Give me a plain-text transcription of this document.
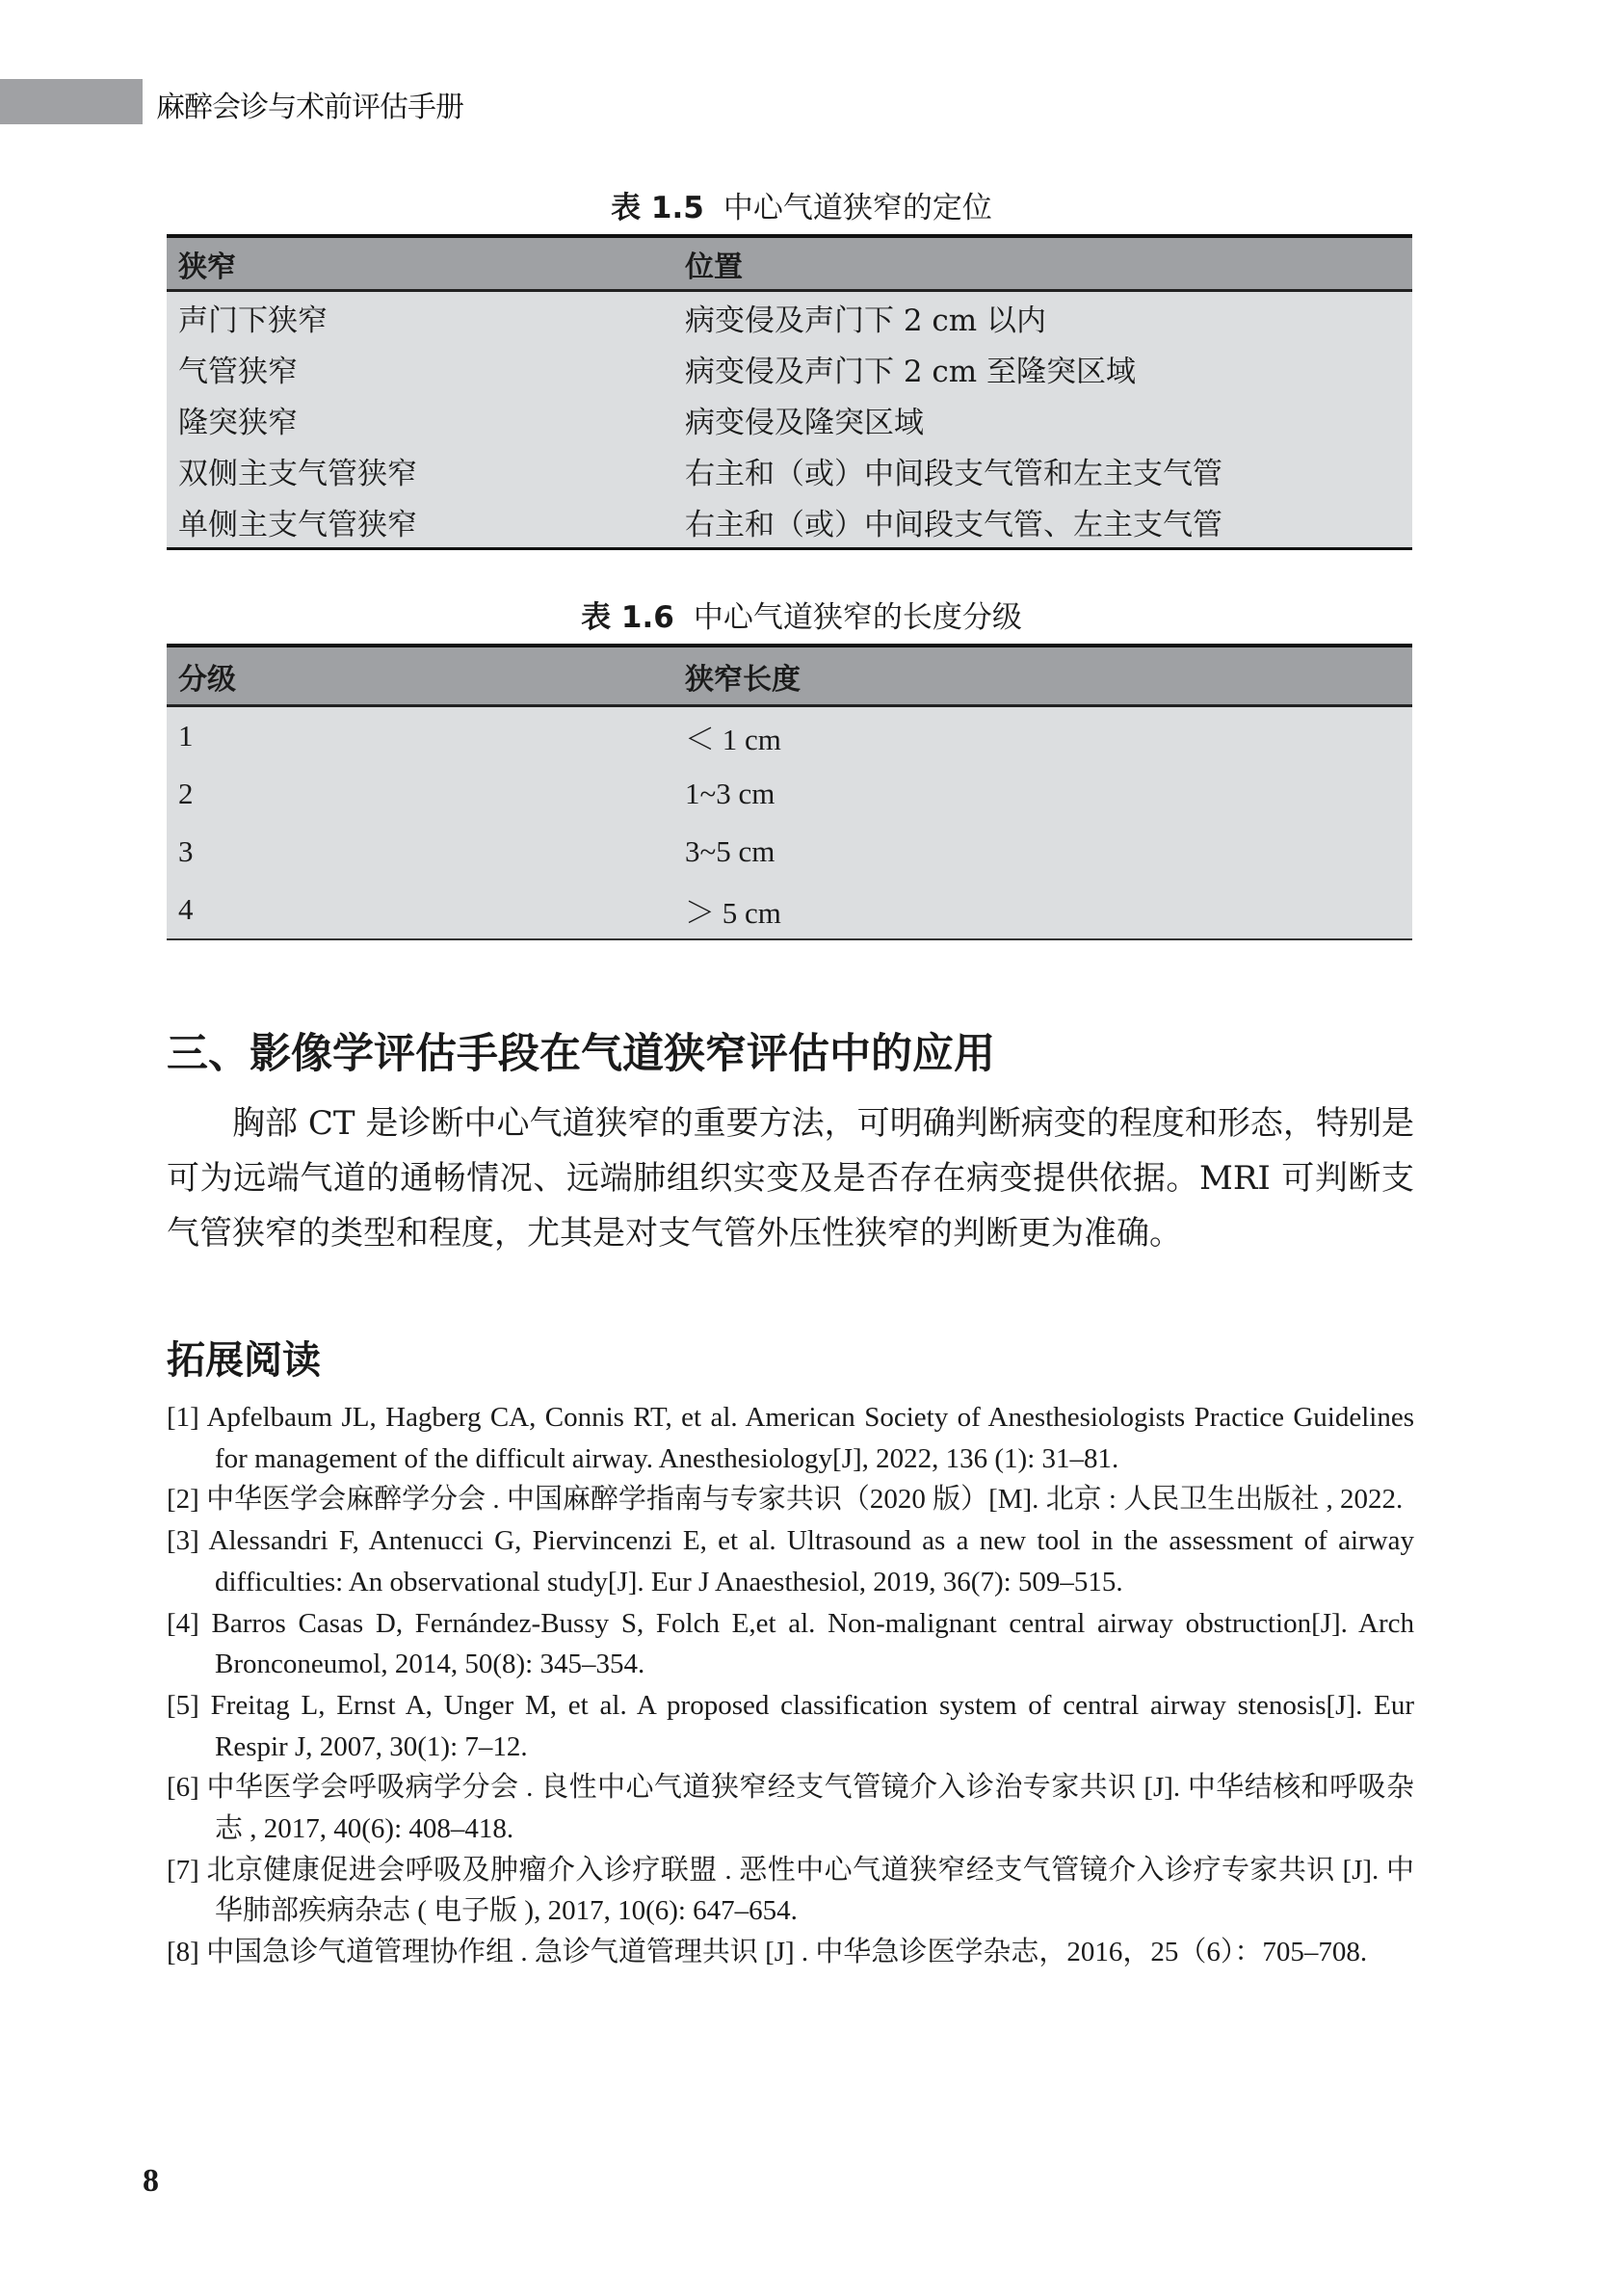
麻醉会诊与术前评估手册
表 1.5 中心气道狭窄的定位
狭窄	位置
声门下狭窄	病变侵及声门下 2 cm 以内
气管狭窄	病变侵及声门下 2 cm 至隆突区域
隆突狭窄	病变侵及隆突区域
双侧主支气管狭窄	右主和（或）中间段支气管和左主支气管
单侧主支气管狭窄	右主和（或）中间段支气管、左主支气管
表 1.6 中心气道狭窄的长度分级
分级	狭窄长度
1	＜ 1 cm
2	1~3 cm
3	3~5 cm
4	＞ 5 cm
三、影像学评估手段在气道狭窄评估中的应用

胸部 CT 是诊断中心气道狭窄的重要方法，可明确判断病变的程度和形态，特别是可为远端气道的通畅情况、远端肺组织实变及是否存在病变提供依据。MRI 可判断支气管狭窄的类型和程度，尤其是对支气管外压性狭窄的判断更为准确。

拓展阅读
[1] Apfelbaum JL, Hagberg CA, Connis RT, et al. American Society of Anesthesiologists Practice Guidelines for management of the difficult airway. Anesthesiology[J], 2022, 136 (1): 31–81.
[2] 中华医学会麻醉学分会 . 中国麻醉学指南与专家共识（2020 版）[M]. 北京 : 人民卫生出版社 , 2022.
[3] Alessandri F, Antenucci G, Piervincenzi E, et al. Ultrasound as a new tool in the assessment of airway difficulties: An observational study[J]. Eur J Anaesthesiol, 2019, 36(7): 509–515.
[4] Barros Casas D, Fernández-Bussy S, Folch E,et al. Non-malignant central airway obstruction[J]. Arch Bronconeumol, 2014, 50(8): 345–354.
[5] Freitag L, Ernst A, Unger M, et al. A proposed classification system of central airway stenosis[J]. Eur Respir J, 2007, 30(1): 7–12.
[6] 中华医学会呼吸病学分会 . 良性中心气道狭窄经支气管镜介入诊治专家共识 [J]. 中华结核和呼吸杂志 , 2017, 40(6): 408–418.
[7] 北京健康促进会呼吸及肿瘤介入诊疗联盟 . 恶性中心气道狭窄经支气管镜介入诊疗专家共识 [J]. 中华肺部疾病杂志 ( 电子版 ), 2017, 10(6): 647–654.
[8] 中国急诊气道管理协作组 . 急诊气道管理共识 [J] . 中华急诊医学杂志，2016，25（6）：705–708.
8
